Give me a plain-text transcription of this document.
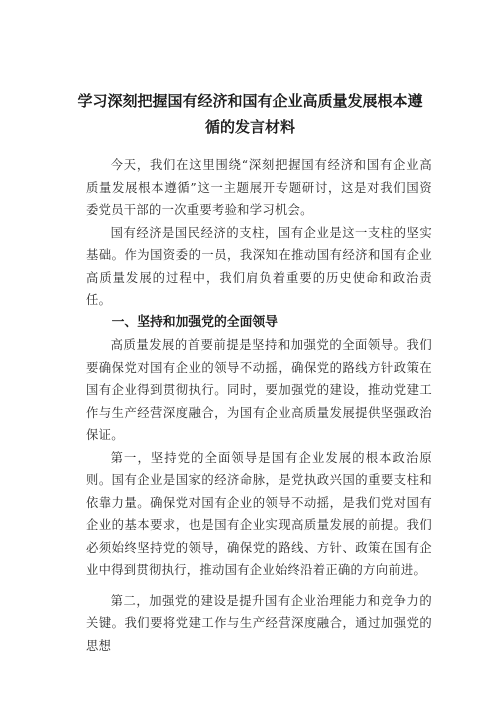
学习深刻把握国有经济和国有企业高质量发展根本遵
循的发言材料

今天，我们在这里围绕“深刻把握国有经济和国有企业高质量发展根本遵循”这一主题展开专题研讨，这是对我们国资委党员干部的一次重要考验和学习机会。

国有经济是国民经济的支柱，国有企业是这一支柱的坚实基础。作为国资委的一员，我深知在推动国有经济和国有企业高质量发展的过程中，我们肩负着重要的历史使命和政治责任。

一、坚持和加强党的全面领导

高质量发展的首要前提是坚持和加强党的全面领导。我们要确保党对国有企业的领导不动摇，确保党的路线方针政策在国有企业得到贯彻执行。同时，要加强党的建设，推动党建工作与生产经营深度融合，为国有企业高质量发展提供坚强政治保证。

第一，坚持党的全面领导是国有企业发展的根本政治原则。国有企业是国家的经济命脉，是党执政兴国的重要支柱和依靠力量。确保党对国有企业的领导不动摇，是我们党对国有企业的基本要求，也是国有企业实现高质量发展的前提。我们必须始终坚持党的领导，确保党的路线、方针、政策在国有企业中得到贯彻执行，推动国有企业始终沿着正确的方向前进。

第二，加强党的建设是提升国有企业治理能力和竞争力的关键。我们要将党建工作与生产经营深度融合，通过加强党的思想
